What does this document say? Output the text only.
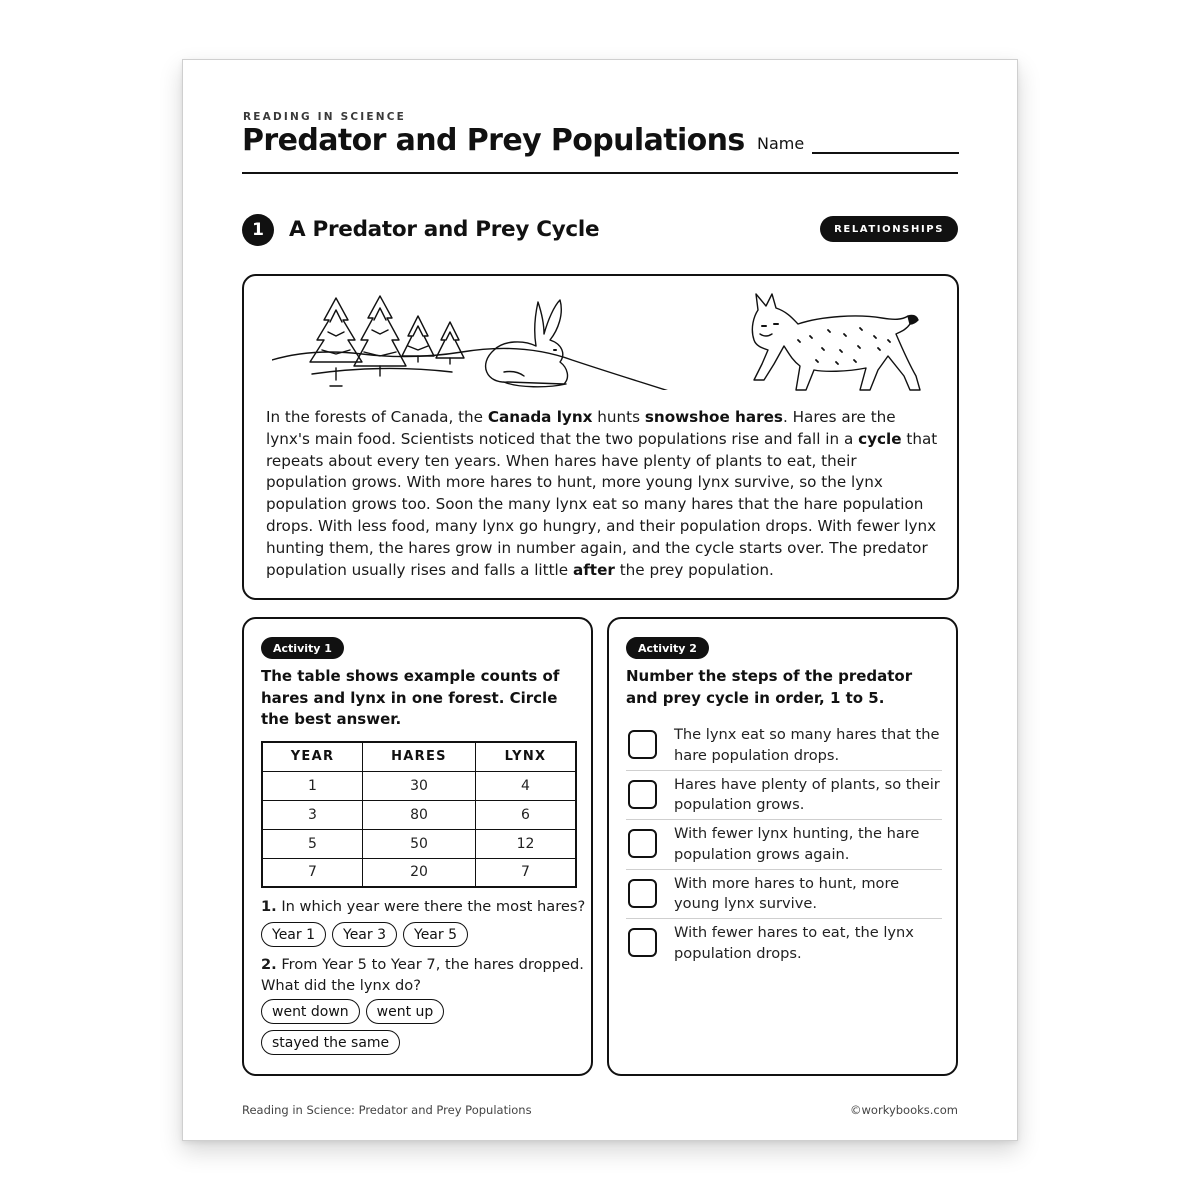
READING IN SCIENCE
Predator and Prey Populations Name
1	A Predator and Prey Cycle	RELATIONSHIPS

In the forests of Canada, the Canada lynx hunts snowshoe hares. Hares are the lynx's main food. Scientists noticed that the two populations rise and fall in a cycle that repeats about every ten years. When hares have plenty of plants to eat, their population grows. With more hares to hunt, more young lynx survive, so the lynx population grows too. Soon the many lynx eat so many hares that the hare population drops. With less food, many lynx go hungry, and their population drops. With fewer lynx hunting them, the hares grow in number again, and the cycle starts over. The predator population usually rises and falls a little after the prey population.

Activity 1

The table shows example counts of hares and lynx in one forest. Circle the best answer.

YEAR	HARES	LYNX
1	30	4
3	80	6
5	50	12
7	20	7

1. In which year were there the most hares?

Year 1	Year 3	Year 5

2. From Year 5 to Year 7, the hares dropped. What did the lynx do?

went down	went up
stayed the same
Activity 2

Number the steps of the predator and prey cycle in order, 1 to 5.

The lynx eat so many hares that the hare population drops.
Hares have plenty of plants, so their population grows.
With fewer lynx hunting, the hare population grows again.
With more hares to hunt, more young lynx survive.
With fewer hares to eat, the lynx population drops.
Reading in Science: Predator and Prey Populations	©workybooks.com
